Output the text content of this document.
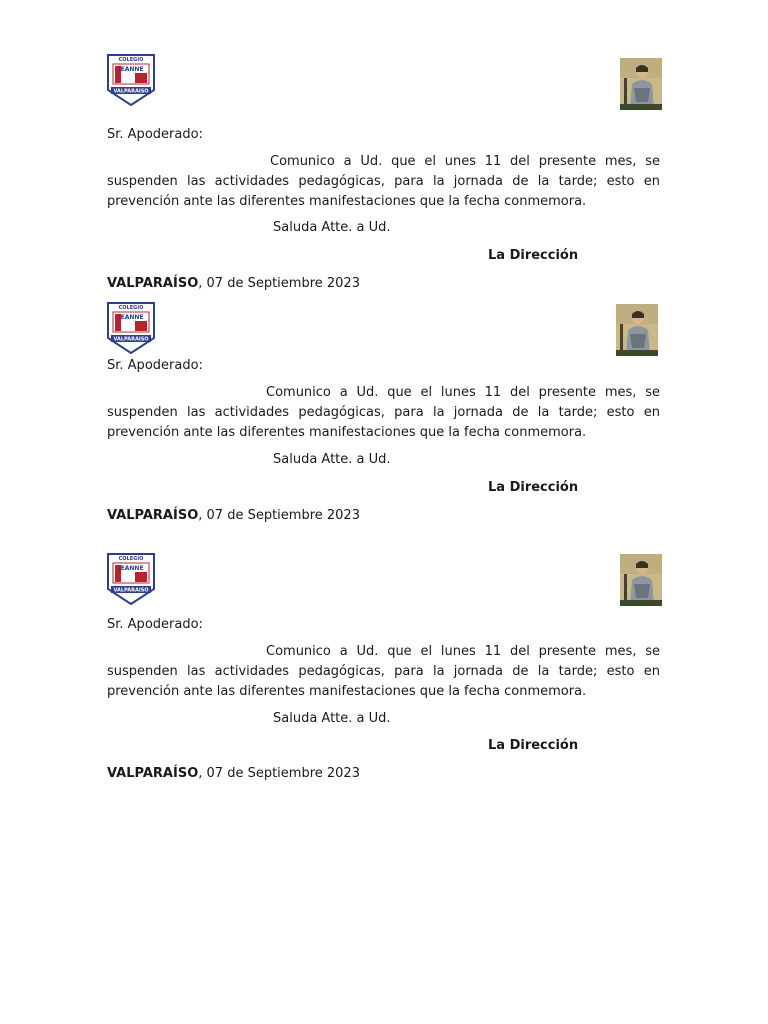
COLEGIO
JEANNE
VALPARAISO
Sr. Apoderado:
Comunico a Ud. que el unes 11 del presente mes, se suspenden las actividades pedagógicas, para la jornada de la tarde; esto en prevención ante las diferentes manifestaciones que la fecha conmemora.
Saluda Atte. a Ud.
La Dirección
VALPARAÍSO, 07 de Septiembre 2023
COLEGIO
JEANNE
VALPARAISO
Sr. Apoderado:
Comunico a Ud. que el lunes 11 del presente mes, se suspenden las actividades pedagógicas, para la jornada de la tarde; esto en prevención ante las diferentes manifestaciones que la fecha conmemora.
Saluda Atte. a Ud.
La Dirección
VALPARAÍSO, 07 de Septiembre 2023
COLEGIO
JEANNE
VALPARAISO
Sr. Apoderado:
Comunico a Ud. que el lunes 11 del presente mes, se suspenden las actividades pedagógicas, para la jornada de la tarde; esto en prevención ante las diferentes manifestaciones que la fecha conmemora.
Saluda Atte. a Ud.
La Dirección
VALPARAÍSO, 07 de Septiembre 2023
